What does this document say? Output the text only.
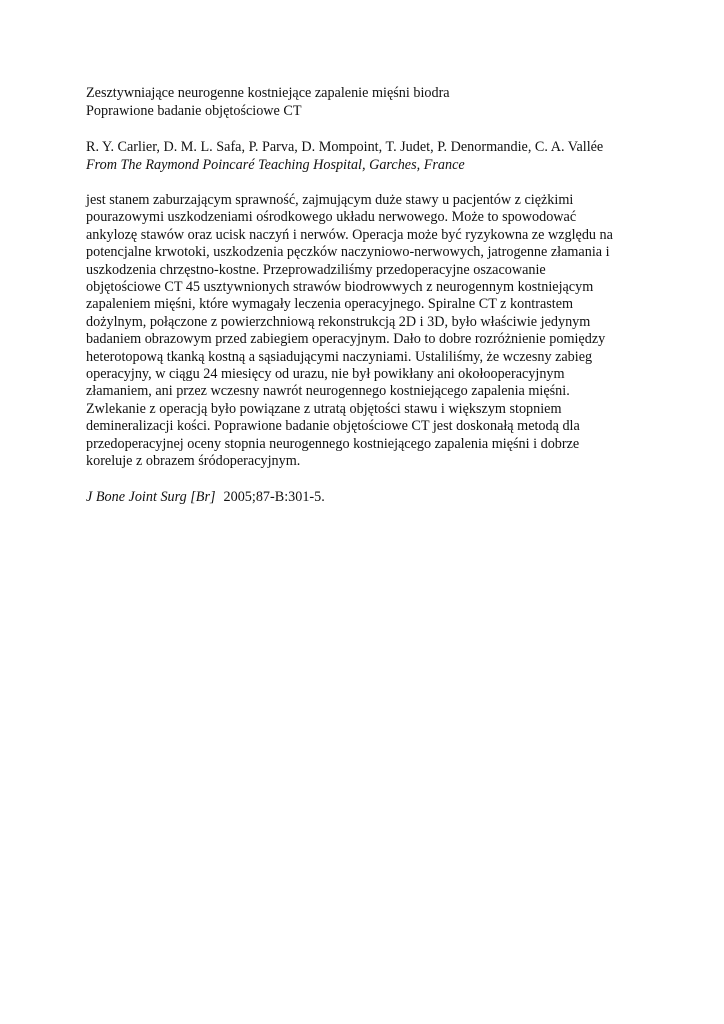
Zesztywniające neurogenne kostniejące zapalenie mięśni biodra
Poprawione badanie objętościowe CT
R. Y. Carlier, D. M. L. Safa, P. Parva, D. Mompoint, T. Judet, P. Denormandie, C. A. Vallée
From The Raymond Poincaré Teaching Hospital, Garches, France
jest stanem zaburzającym sprawność, zajmującym duże stawy u pacjentów z ciężkimi
pourazowymi uszkodzeniami ośrodkowego układu nerwowego. Może to spowodować
ankylozę stawów oraz ucisk naczyń i nerwów. Operacja może być ryzykowna ze względu na
potencjalne krwotoki, uszkodzenia pęczków naczyniowo-nerwowych, jatrogenne złamania i
uszkodzenia chrzęstno-kostne. Przeprowadziliśmy przedoperacyjne oszacowanie
objętościowe CT 45 usztywnionych strawów biodrowwych z neurogennym kostniejącym
zapaleniem mięśni, które wymagały leczenia operacyjnego. Spiralne CT z kontrastem
dożylnym, połączone z powierzchniową rekonstrukcją 2D i 3D, było właściwie jedynym
badaniem obrazowym przed zabiegiem operacyjnym. Dało to dobre rozróżnienie pomiędzy
heterotopową tkanką kostną a sąsiadującymi naczyniami. Ustaliliśmy, że wczesny zabieg
operacyjny, w ciągu 24 miesięcy od urazu, nie był powikłany ani okołooperacyjnym
złamaniem, ani przez wczesny nawrót neurogennego kostniejącego zapalenia mięśni.
Zwlekanie z operacją było powiązane z utratą objętości stawu i większym stopniem
demineralizacji kości. Poprawione badanie objętościowe CT jest doskonałą metodą dla
przedoperacyjnej oceny stopnia neurogennego kostniejącego zapalenia mięśni i dobrze
koreluje z obrazem śródoperacyjnym.
J Bone Joint Surg [Br] 2005;87-B:301-5.
